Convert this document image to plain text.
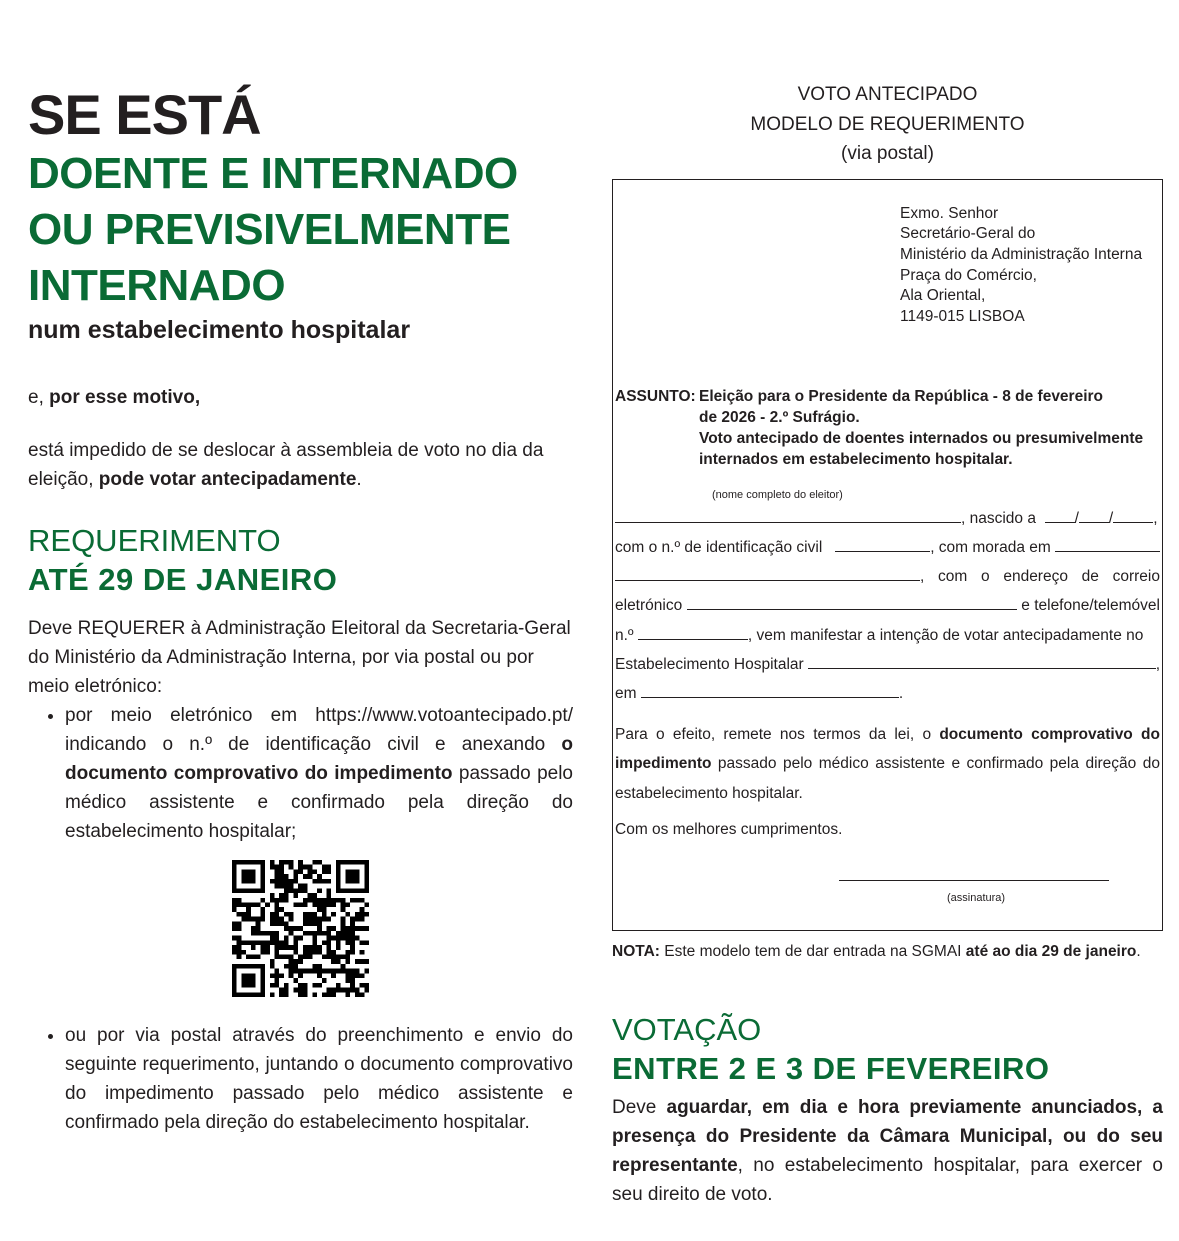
SE ESTÁ
DOENTE E INTERNADO
OU PREVISIVELMENTE
INTERNADO
num estabelecimento hospitalar
e, por esse motivo,
está impedido de se deslocar à assembleia de voto no dia da eleição, pode votar antecipadamente.
REQUERIMENTO
ATÉ 29 DE JANEIRO
Deve REQUERER à Administração Eleitoral da Secretaria-Geral do Ministério da Administração Interna, por via postal ou por meio eletrónico:
• por meio eletrónico em https://www.votoantecipado.pt/ indicando o n.º de identificação civil e anexando o documento comprovativo do impedimento passado pelo médico assistente e confirmado pela direção do estabelecimento hospitalar;
• ou por via postal através do preenchimento e envio do seguinte requerimento, juntando o documento comprovativo do impedimento passado pelo médico assistente e confirmado pela direção do estabelecimento hospitalar.
VOTO ANTECIPADO
MODELO DE REQUERIMENTO
(via postal)
Exmo. Senhor
Secretário-Geral do
Ministério da Administração Interna
Praça do Comércio,
Ala Oriental,
1149-015 LISBOA
ASSUNTO: Eleição para o Presidente da República - 8 de fevereiro
de 2026 - 2.º Sufrágio.
Voto antecipado de doentes internados ou presumivelmente
internados em estabelecimento hospitalar.
(nome completo do eleitor)
, nascido a
/ /	,
com o n.º de identificação civil
	, com morada em

, com o endereço de correio
eletrónico

	e telefone/telemóvel
n.º
	, vem manifestar a intenção de votar antecipadamente no
Estabelecimento Hospitalar
	,
em
	.
Para o efeito, remete nos termos da lei, o documento comprovativo do impedimento passado pelo médico assistente e confirmado pela direção do estabelecimento hospitalar.
Com os melhores cumprimentos.
(assinatura)
NOTA: Este modelo tem de dar entrada na SGMAI até ao dia 29 de janeiro.
VOTAÇÃO
ENTRE 2 E 3 DE FEVEREIRO
Deve aguardar, em dia e hora previamente anunciados, a presença do Presidente da Câmara Municipal, ou do seu representante, no estabelecimento hospitalar, para exercer o seu direito de voto.
